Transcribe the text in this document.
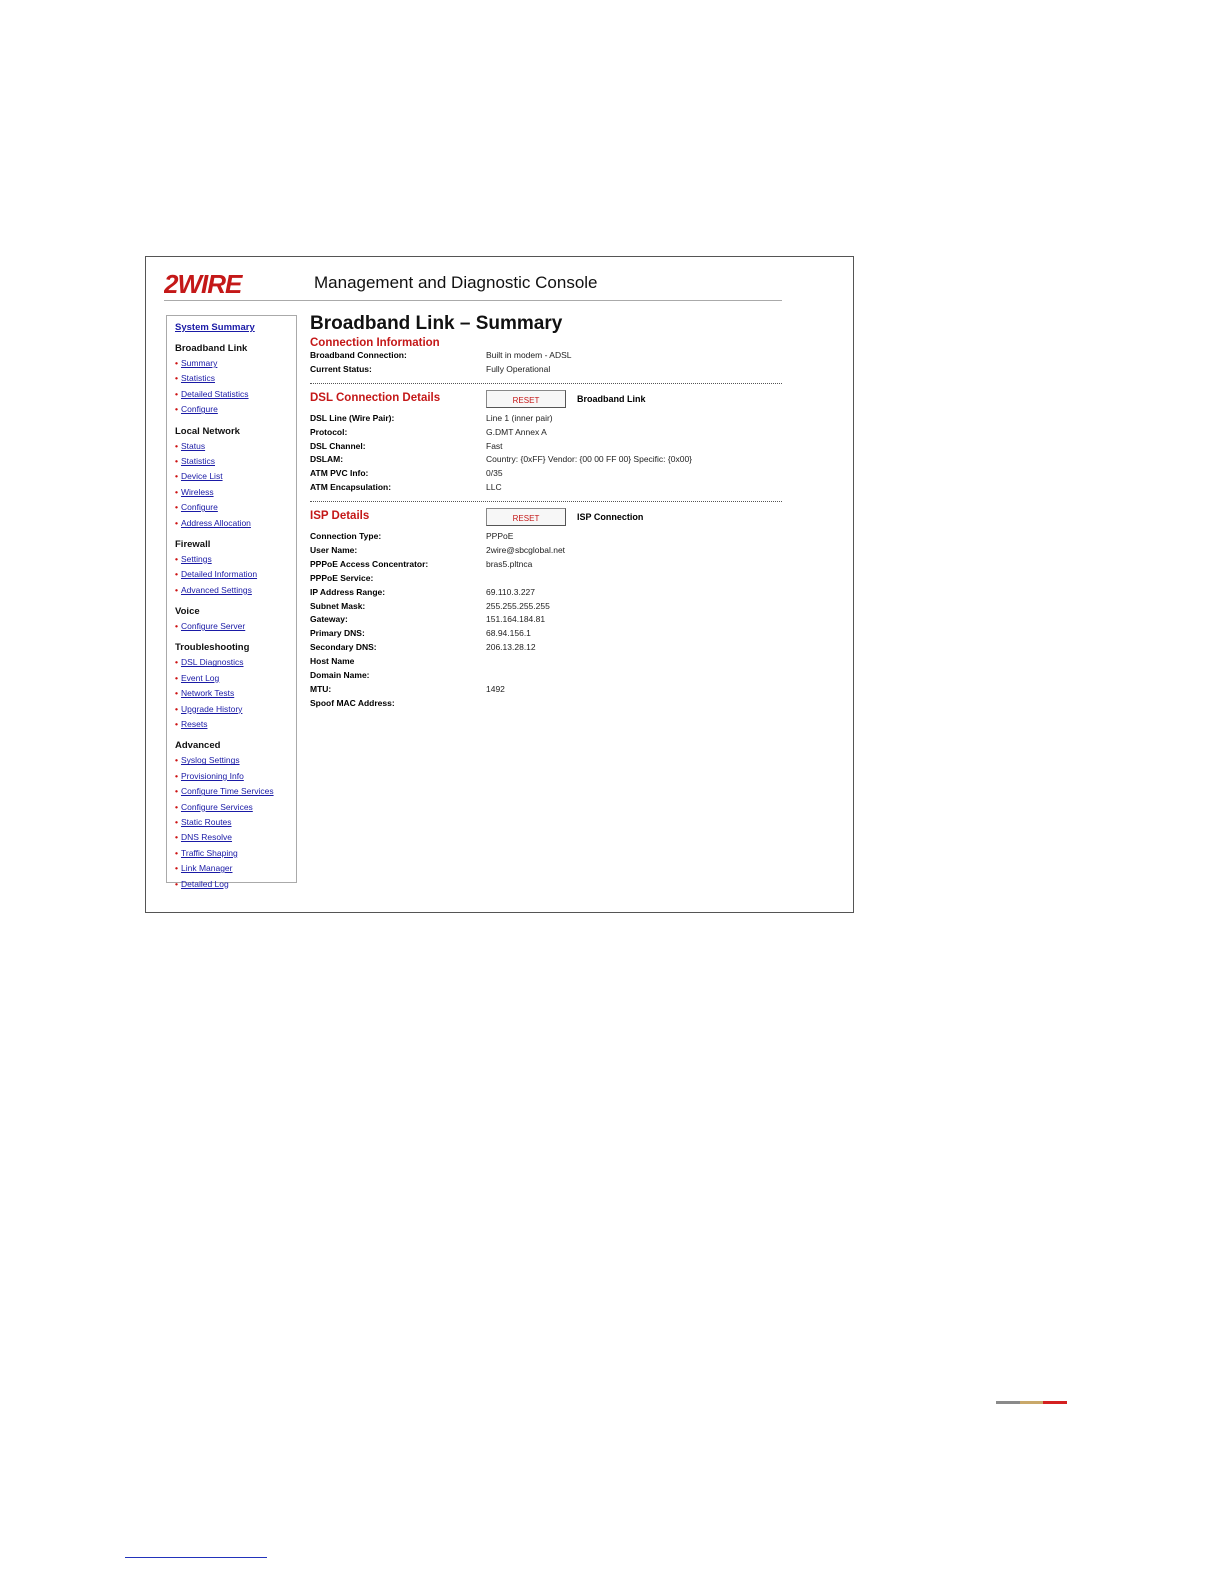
2WIRE	Management and Diagnostic Console
System Summary
Broadband Link
• Summary
• Statistics
• Detailed Statistics
• Configure
Local Network
• Status
• Statistics
• Device List
• Wireless
• Configure
• Address Allocation
Firewall
• Settings
• Detailed Information
• Advanced Settings
Voice
• Configure Server
Troubleshooting
• DSL Diagnostics
• Event Log
• Network Tests
• Upgrade History
• Resets
Advanced
• Syslog Settings
• Provisioning Info
• Configure Time Services
• Configure Services
• Static Routes
• DNS Resolve
• Traffic Shaping
• Link Manager
• Detailed Log
Broadband Link – Summary
Connection Information
Broadband Connection:	Built in modem - ADSL
Current Status:	Fully Operational
DSL Connection Details	RESET	Broadband Link
DSL Line (Wire Pair):	Line 1 (inner pair)
Protocol:	G.DMT Annex A
DSL Channel:	Fast
DSLAM:	Country: {0xFF} Vendor: {00 00 FF 00} Specific: {0x00}
ATM PVC Info:	0/35
ATM Encapsulation:	LLC
ISP Details	RESET	ISP Connection
Connection Type:	PPPoE
User Name:	2wire@sbcglobal.net
PPPoE Access Concentrator:	bras5.pltnca
PPPoE Service:
IP Address Range:	69.110.3.227
Subnet Mask:	255.255.255.255
Gateway:	151.164.184.81
Primary DNS:	68.94.156.1
Secondary DNS:	206.13.28.12
Host Name
Domain Name:
MTU:	1492
Spoof MAC Address:
